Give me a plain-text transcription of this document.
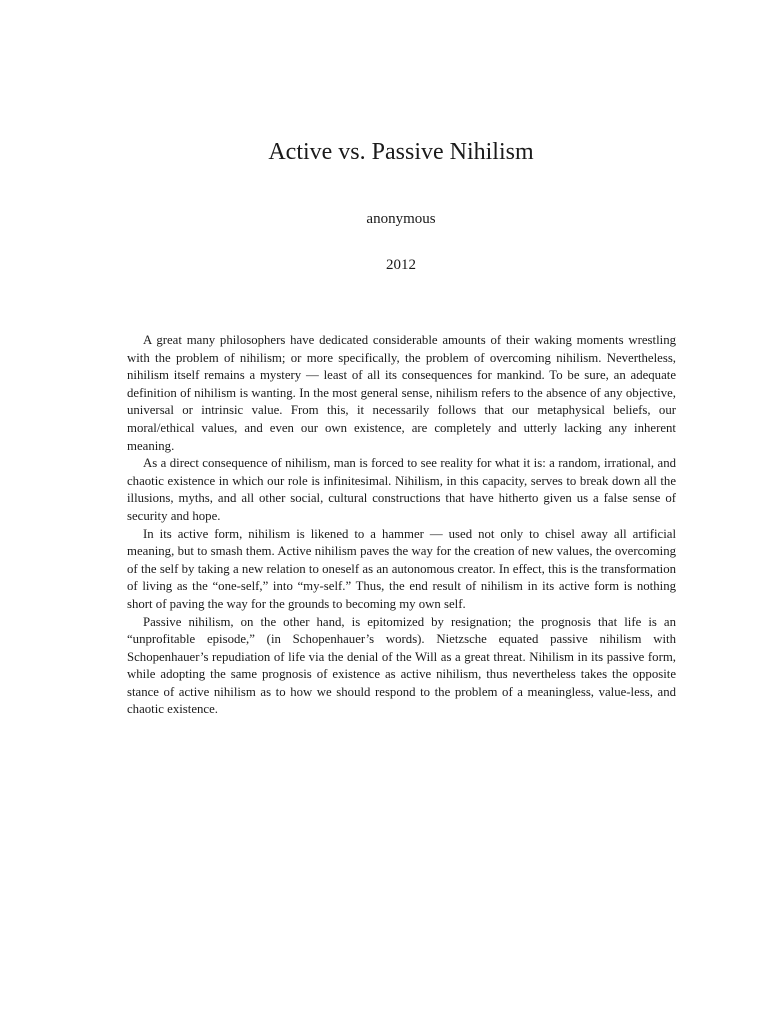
Active vs. Passive Nihilism
anonymous
2012

A great many philosophers have dedicated considerable amounts of their waking moments wrestling with the problem of nihilism; or more specifically, the problem of overcoming nihilism. Nevertheless, nihilism itself remains a mystery — least of all its consequences for mankind. To be sure, an adequate definition of nihilism is wanting. In the most general sense, nihilism refers to the absence of any objective, universal or intrinsic value. From this, it necessarily follows that our metaphysical beliefs, our moral/ethical values, and even our own existence, are completely and utterly lacking any inherent meaning.

As a direct consequence of nihilism, man is forced to see reality for what it is: a random, irrational, and chaotic existence in which our role is infinitesimal. Nihilism, in this capacity, serves to break down all the illusions, myths, and all other social, cultural constructions that have hitherto given us a false sense of security and hope.

In its active form, nihilism is likened to a hammer — used not only to chisel away all artificial meaning, but to smash them. Active nihilism paves the way for the creation of new values, the overcoming of the self by taking a new relation to oneself as an autonomous creator. In effect, this is the transformation of living as the “one-self,” into “my-self.” Thus, the end result of nihilism in its active form is nothing short of paving the way for the grounds to becoming my own self.

Passive nihilism, on the other hand, is epitomized by resignation; the prognosis that life is an “unprofitable episode,” (in Schopenhauer’s words). Nietzsche equated passive nihilism with Schopenhauer’s repudiation of life via the denial of the Will as a great threat. Nihilism in its passive form, while adopting the same prognosis of existence as active nihilism, thus nevertheless takes the opposite stance of active nihilism as to how we should respond to the problem of a meaningless, value-less, and chaotic existence.
